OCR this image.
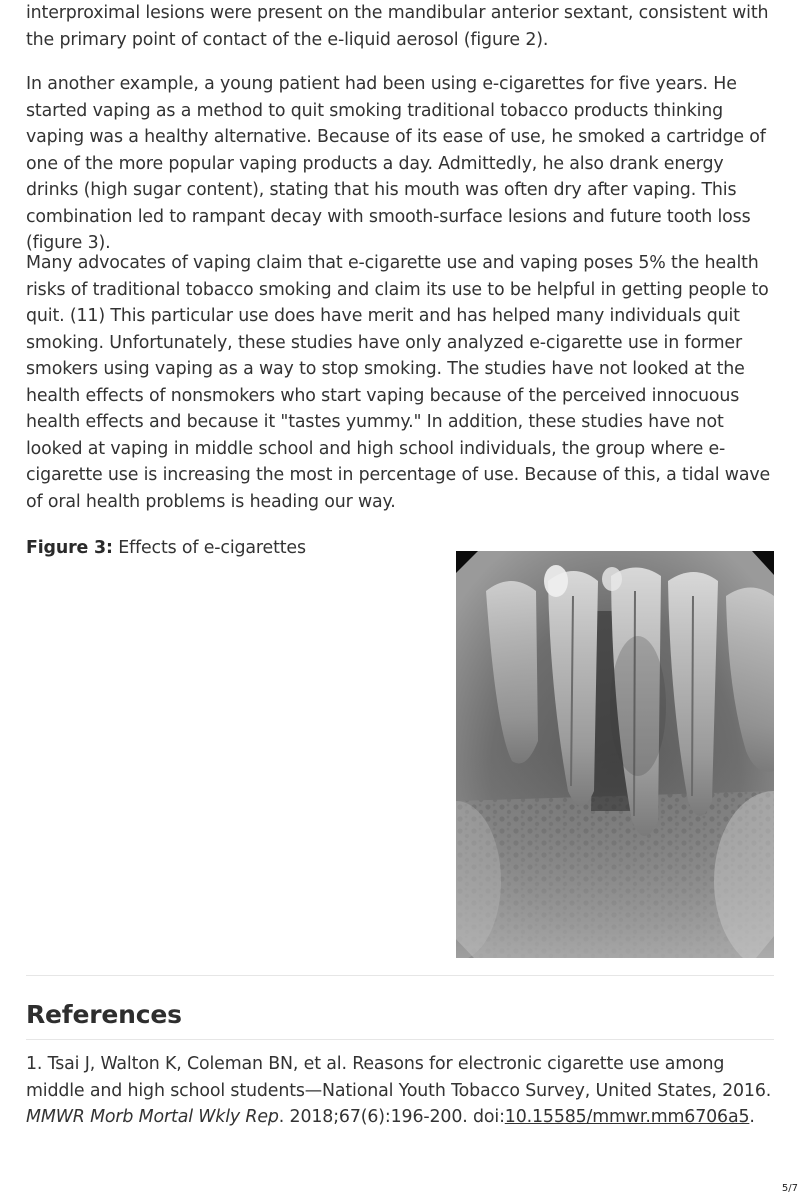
interproximal lesions were present on the mandibular anterior sextant, consistent with the primary point of contact of the e-liquid aerosol (figure 2).

In another example, a young patient had been using e-cigarettes for five years. He started vaping as a method to quit smoking traditional tobacco products thinking vaping was a healthy alternative. Because of its ease of use, he smoked a cartridge of one of the more popular vaping products a day. Admittedly, he also drank energy drinks (high sugar content), stating that his mouth was often dry after vaping. This combination led to rampant decay with smooth-surface lesions and future tooth loss (figure 3).

Many advocates of vaping claim that e-cigarette use and vaping poses 5% the health risks of traditional tobacco smoking and claim its use to be helpful in getting people to quit. (11) This particular use does have merit and has helped many individuals quit smoking. Unfortunately, these studies have only analyzed e-cigarette use in former smokers using vaping as a way to stop smoking. The studies have not looked at the health effects of nonsmokers who start vaping because of the perceived innocuous health effects and because it "tastes yummy." In addition, these studies have not looked at vaping in middle school and high school individuals, the group where e-cigarette use is increasing the most in percentage of use. Because of this, a tidal wave of oral health problems is heading our way.

Figure 3: Effects of e-cigarettes
References

1. Tsai J, Walton K, Coleman BN, et al. Reasons for electronic cigarette use among middle and high school students—National Youth Tobacco Survey, United States, 2016. MMWR Morb Mortal Wkly Rep. 2018;67(6):196-200. doi:10.15585/mmwr.mm6706a5.

5/7
